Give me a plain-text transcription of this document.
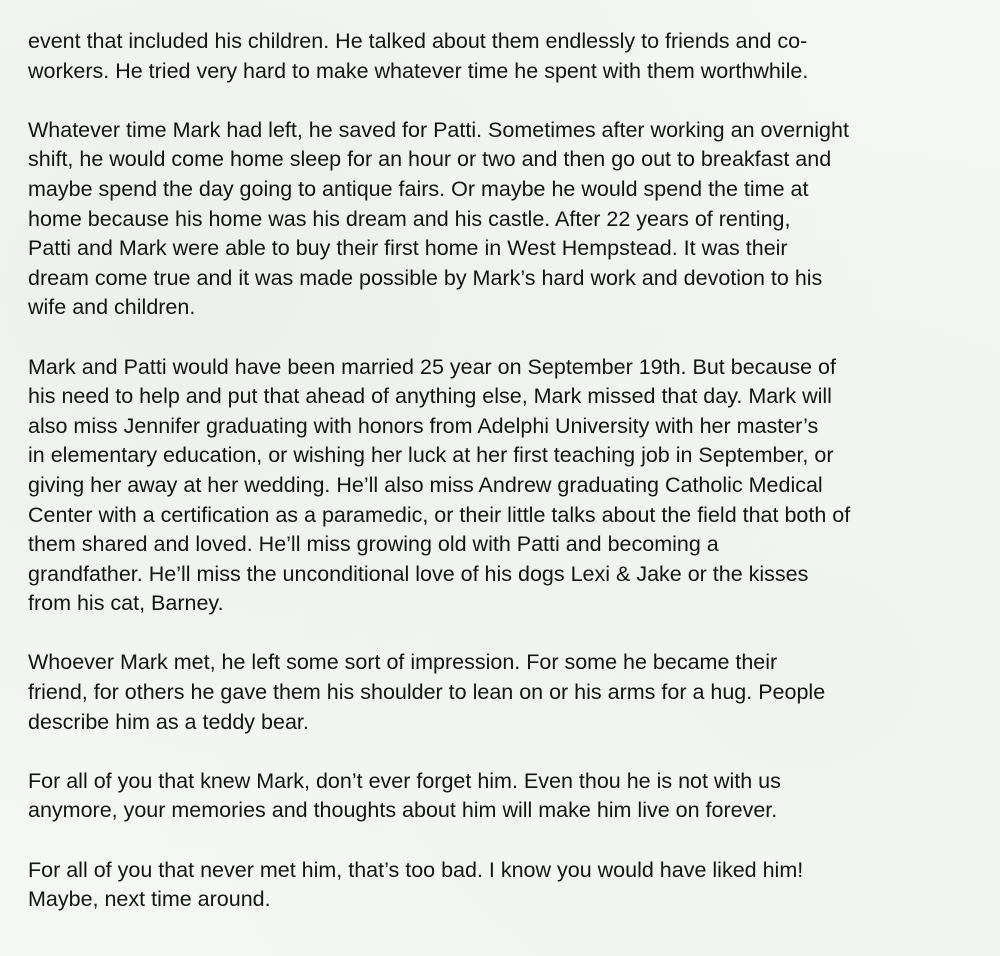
event that included his children. He talked about them endlessly to friends and co-
workers. He tried very hard to make whatever time he spent with them worthwhile.

Whatever time Mark had left, he saved for Patti. Sometimes after working an overnight
shift, he would come home sleep for an hour or two and then go out to breakfast and
maybe spend the day going to antique fairs. Or maybe he would spend the time at
home because his home was his dream and his castle. After 22 years of renting,
Patti and Mark were able to buy their first home in West Hempstead. It was their
dream come true and it was made possible by Mark’s hard work and devotion to his
wife and children.

Mark and Patti would have been married 25 year on September 19th. But because of
his need to help and put that ahead of anything else, Mark missed that day. Mark will
also miss Jennifer graduating with honors from Adelphi University with her master’s
in elementary education, or wishing her luck at her first teaching job in September, or
giving her away at her wedding. He’ll also miss Andrew graduating Catholic Medical
Center with a certification as a paramedic, or their little talks about the field that both of
them shared and loved. He’ll miss growing old with Patti and becoming a
grandfather. He’ll miss the unconditional love of his dogs Lexi & Jake or the kisses
from his cat, Barney.

Whoever Mark met, he left some sort of impression. For some he became their
friend, for others he gave them his shoulder to lean on or his arms for a hug. People
describe him as a teddy bear.

For all of you that knew Mark, don’t ever forget him. Even thou he is not with us
anymore, your memories and thoughts about him will make him live on forever.

For all of you that never met him, that’s too bad. I know you would have liked him!
Maybe, next time around.
